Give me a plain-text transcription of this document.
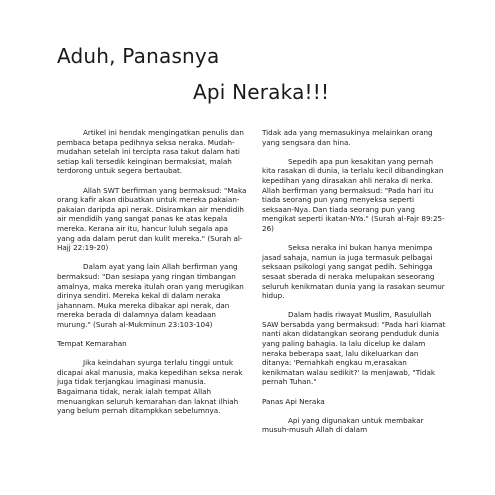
Aduh, Panasnya
Api Neraka!!!

Artikel ini hendak mengingatkan penulis dan pembaca betapa pedihnya seksa neraka. Mudah-mudahan setelah ini tercipta rasa takut dalam hati setiap kali tersedik keinginan bermaksiat, malah terdorong untuk segera bertaubat.

Allah SWT berfirman yang bermaksud: "Maka orang kafir akan dibuatkan untuk mereka pakaian-pakaian daripda api nerak. Disiramkan air mendidih air mendidih yang sangat panas ke atas kepala mereka. Kerana air itu, hancur luluh segala apa yang ada dalam perut dan kulit mereka." (Surah al-Hajj 22:19-20)

Dalam ayat yang lain Allah berfirman yang bermaksud: "Dan sesiapa yang ringan timbangan amalnya, maka mereka itulah oran yang merugikan dirinya sendiri. Mereka kekal di dalam neraka jahannam. Muka mereka dibakar api nerak, dan mereka berada di dalamnya dalam keadaan murung." (Surah al-Mukminun 23:103-104)

Tempat Kemarahan

Jika keindahan syurga terlalu tinggi untuk dicapai akal manusia, maka kepedihan seksa nerak juga tidak terjangkau imaginasi manusia. Bagaimana tidak, nerak ialah tempat Allah menuangkan seluruh kemarahan dan laknat ilhiah yang belum pernah ditampkkan sebelumnya.

Tidak ada yang memasukinya melainkan orang yang sengsara dan hina.

Sepedih apa pun kesakitan yang pernah kita rasakan di dunia, ia terlalu kecil dibandingkan kepedihan yang dirasakan ahli neraka di nerka. Allah berfirman yang bermaksud: "Pada hari itu tiada seorang pun yang menyeksa seperti seksaan-Nya. Dan tiada seorang pun yang mengikat seperti ikatan-NYa." (Surah al-Fajr 89:25-26)

Seksa neraka ini bukan hanya menimpa jasad sahaja, namun ia juga termasuk pelbagai seksaan psikologi yang sangat pedih. Sehingga sesaat sberada di neraka melupakan seseorang seluruh kenikmatan dunia yang ia rasakan seumur hidup.

Dalam hadis riwayat Muslim, Rasulullah SAW bersabda yang bermaksud: "Pada hari kiamat nanti akan didatangkan seorang penduduk dunia yang paling bahagia. Ia lalu dicelup ke dalam neraka beberapa saat, lalu dikeluarkan dan ditanya: 'Pernahkah engkau m,erasakan kenikmatan walau sedikit?' Ia menjawab, "Tidak pernah Tuhan."

Panas Api Neraka

Api yang digunakan untuk membakar musuh-musuh Allah di dalam
